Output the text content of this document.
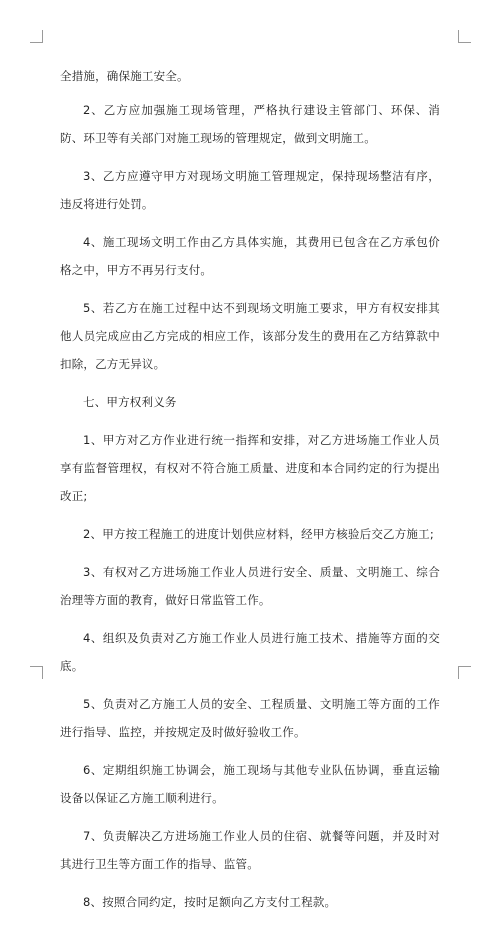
全措施，确保施工安全。

2、乙方应加强施工现场管理，严格执行建设主管部门、环保、消防、环卫等有关部门对施工现场的管理规定，做到文明施工。

3、乙方应遵守甲方对现场文明施工管理规定，保持现场整洁有序，违反将进行处罚。

4、施工现场文明工作由乙方具体实施，其费用已包含在乙方承包价格之中，甲方不再另行支付。

5、若乙方在施工过程中达不到现场文明施工要求，甲方有权安排其他人员完成应由乙方完成的相应工作，该部分发生的费用在乙方结算款中扣除，乙方无异议。

七、甲方权利义务

1、甲方对乙方作业进行统一指挥和安排，对乙方进场施工作业人员享有监督管理权，有权对不符合施工质量、进度和本合同约定的行为提出改正;

2、甲方按工程施工的进度计划供应材料，经甲方核验后交乙方施工;

3、有权对乙方进场施工作业人员进行安全、质量、文明施工、综合治理等方面的教育，做好日常监管工作。

4、组织及负责对乙方施工作业人员进行施工技术、措施等方面的交底。

5、负责对乙方施工人员的安全、工程质量、文明施工等方面的工作进行指导、监控，并按规定及时做好验收工作。

6、定期组织施工协调会，施工现场与其他专业队伍协调，垂直运输设备以保证乙方施工顺利进行。

7、负责解决乙方进场施工作业人员的住宿、就餐等问题，并及时对其进行卫生等方面工作的指导、监管。

8、按照合同约定，按时足额向乙方支付工程款。
